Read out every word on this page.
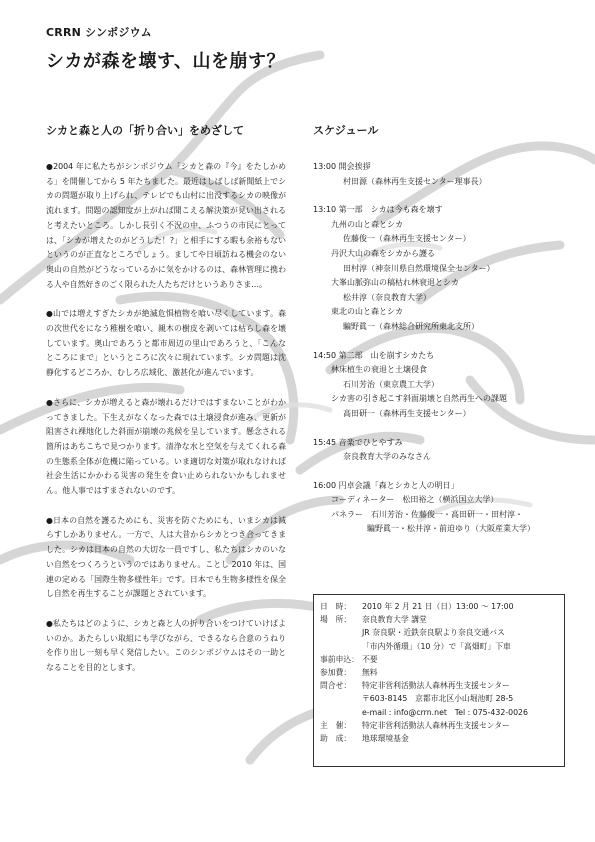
CRRN シンポジウム
シカが森を壊す、山を崩す？
シカと森と人の「折り合い」をめざして

●2004 年に私たちがシンポジウム「シカと森の『今』をたしかめる」を開催してから 5 年たちました。最近はしばしば新聞紙上でシカの問題が取り上げられ、テレビでも山村に出没するシカの映像が流れます。問題の認知度が上がれば聞こえる解決策が見い出されると考えたいところ。しかし長引く不況の中、ふつうの市民にとっては、「シカが増えたのがどうした！?」と相手にする暇も余裕もないというのが正直なところでしょう。ましてや日頃訪ねる機会のない奥山の自然がどうなっているかに気をかけるのは、森林管理に携わる人や自然好きのごく限られた人たちだけというありさま…。

●山では増えすぎたシカが絶滅危惧植物を喰い尽くしています。森の次世代をになう稚樹を喰い、親木の樹皮を剥いては枯らし森を壊しています。奥山であろうと都市周辺の里山であろうと、「こんなところにまで」というところに次々に現れています。シカ問題は沈静化するどころか、むしろ広域化、激甚化が進んでいます。

●さらに、シカが増えると森が壊れるだけではすまないことがわかってきました。下生えがなくなった森では土壌浸食が進み、更新が阻害され裸地化した斜面が崩壊の兆候を呈しています。懸念される箇所はあちこちで見つかります。清浄な水と空気を与えてくれる森の生態系全体が危機に陥っている。いま適切な対策が取れなければ社会生活にかかわる災害の発生を食い止められないかもしれません。他人事ではすまされないのです。

●日本の自然を護るためにも、災害を防ぐためにも、いまシカは減らすしかありません。一方で、人は大昔からシカとつき合ってきました。シカは日本の自然の大切な一員ですし、私たちはシカのいない自然をつくろうというのではありません。ことし 2010 年は、国連の定める「国際生物多様性年」です。日本でも生物多様性を保全し自然を再生することが課題とされています。

●私たちはどのように、シカと森と人の折り合いをつけていけばよいのか。あたらしい取組にも学びながら、できるなら合意のうねりを作り出し一刻も早く発信したい。このシンポジウムはその一助となることを目的とします。

スケジュール
13:00 開会挨拶
村田源（森林再生支援センター理事長）
13:10 第一部　シカは今も森を壊す
九州の山と森とシカ
佐藤俊一（森林再生支援センター）
丹沢大山の森をシカから護る
田村淳（神奈川県自然環境保全センター）
大峯山脈弥山の稿枯れ林衰退とシカ
松井淳（奈良教育大学）
東北の山と森とシカ
騙野眞一（森林総合研究所東北支所）
14:50 第二部　山を崩すシカたち
林床植生の衰退と土壌侵食
石川芳治（東京農工大学）
シカ害の引き起こす斜面崩壊と自然再生への課題
高田研一（森林再生支援センター）
15:45 音楽でひとやすみ
奈良教育大学のみなさん
16:00 円卓会議「森とシカと人の明日」
コーディネーター　松田裕之（横浜国立大学）
パネラー　石川芳治・佐藤俊一・高田研一・田村淳・
騙野眞一・松井淳・前迫ゆり（大阪産業大学）
日　時：	2010 年 2 月 21 日（日）13:00 ～ 17:00
場　所：	奈良教育大学 講堂
JR 奈良駅・近鉄奈良駅より奈良交通バス
「市内外循環」（10 分）で「高畑町」下車
事前申込： 不要
参加費：	無料
問合せ：	特定非営利活動法人森林再生支援センター
〒603-8145　京都市北区小山堀池町 28-5
e-mail : info@crrn.net　Tel : 075-432-0026
主　催：	特定非営利活動法人森林再生支援センター
助　成：	地球環境基金
